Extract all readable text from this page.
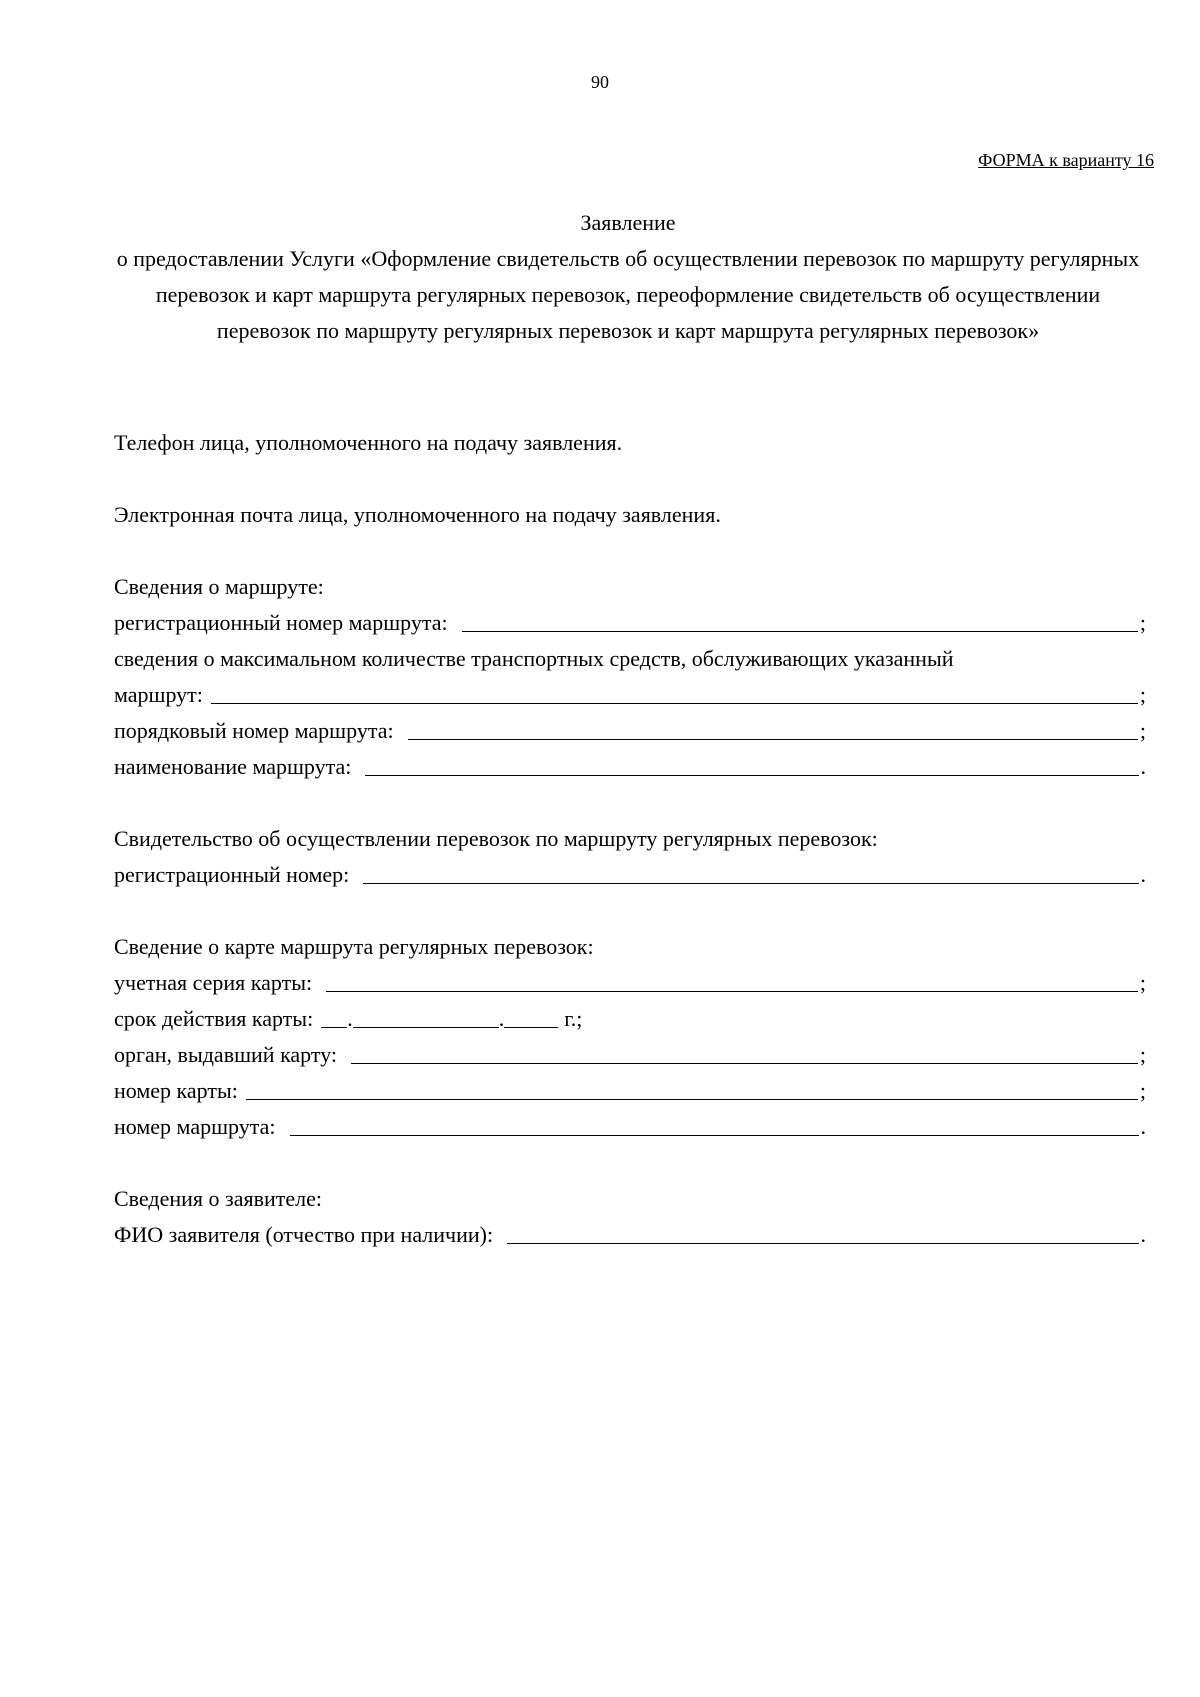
90
ФОРМА к варианту 16
Заявление
о предоставлении Услуги «Оформление свидетельств об осуществлении перевозок по маршруту регулярных перевозок и карт маршрута регулярных перевозок, переоформление свидетельств об осуществлении перевозок по маршруту регулярных перевозок и карт маршрута регулярных перевозок»
Телефон лица, уполномоченного на подачу заявления.
Электронная почта лица, уполномоченного на подачу заявления.
Сведения о маршруте:
регистрационный номер маршрута:	;
сведения о максимальном количестве транспортных средств, обслуживающих указанный
маршрут:	;
порядковый номер маршрута:	;
наименование маршрута:	.
Свидетельство об осуществлении перевозок по маршруту регулярных перевозок:
регистрационный номер:	.
Сведение о карте маршрута регулярных перевозок:
учетная серия карты:	;
срок действия карты: .	.	г.;
орган, выдавший карту:	;
номер карты:	;
номер маршрута:	.
Сведения о заявителе:
ФИО заявителя (отчество при наличии):	.
